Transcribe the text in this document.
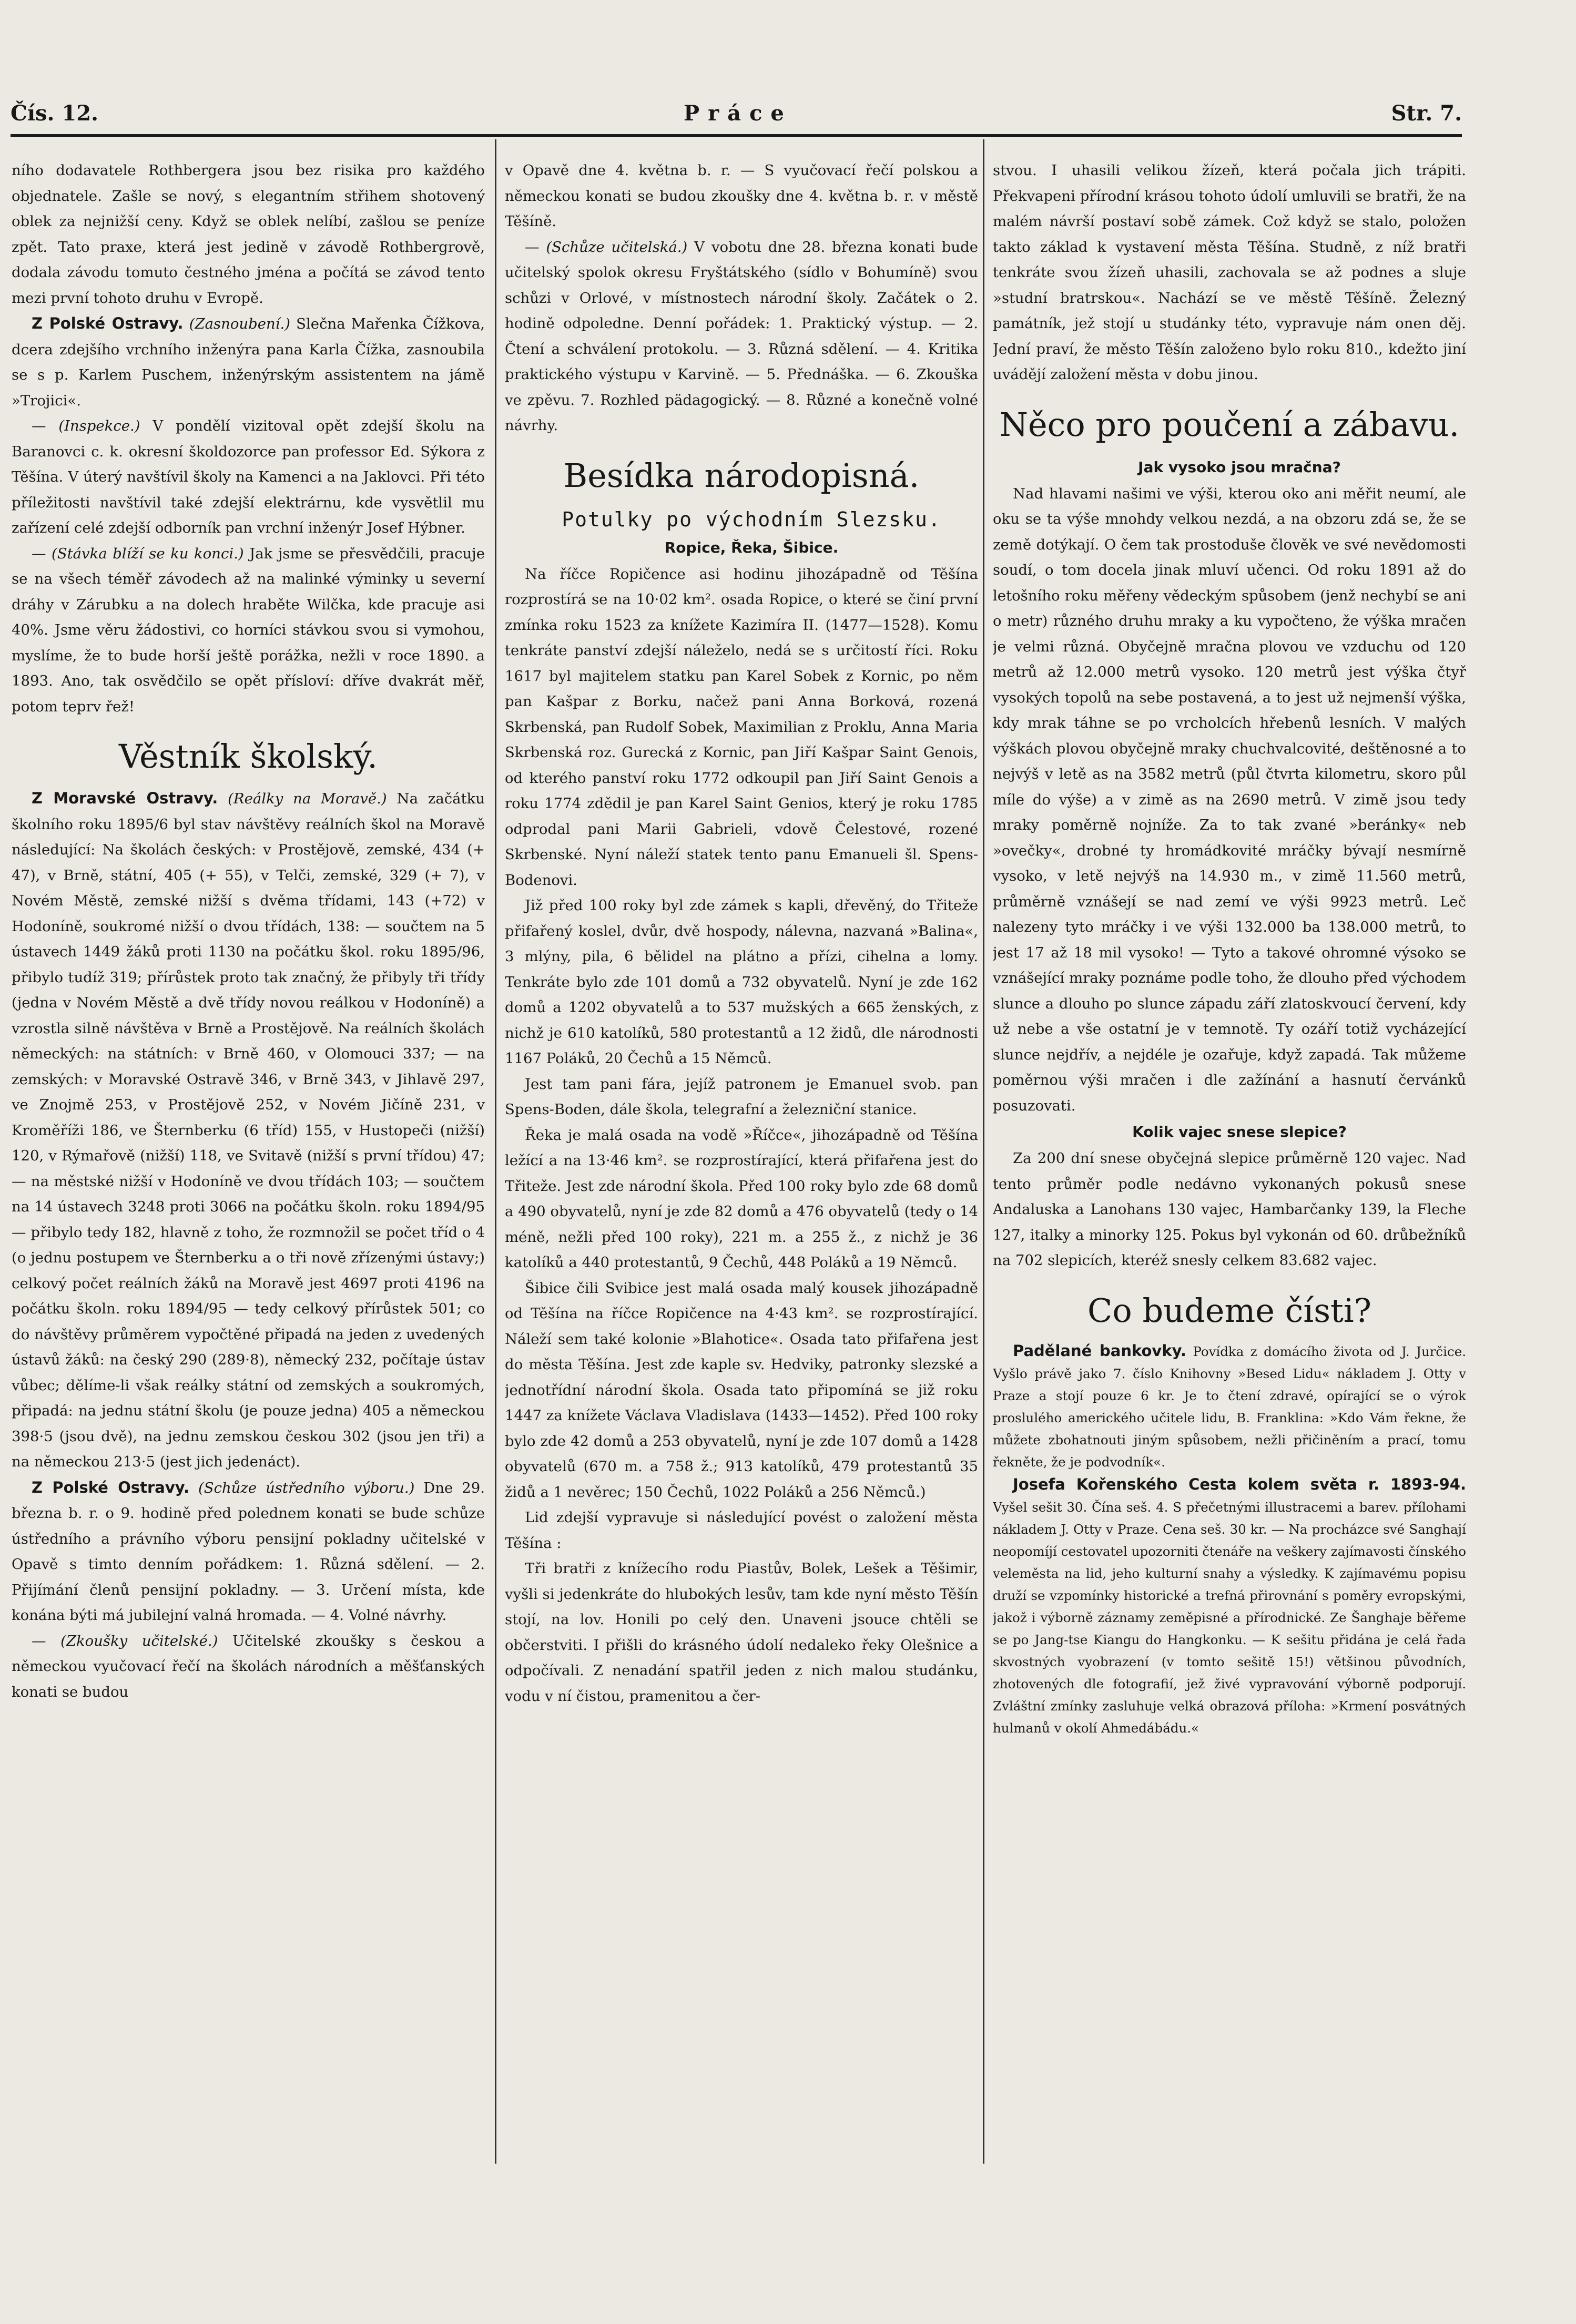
Čís. 12.	Práce	Str. 7.

ního dodavatele Rothbergera jsou bez risika pro každého objednatele. Zašle se nový, s elegantním střihem shotovený oblek za nejnižší ceny. Když se oblek nelíbí, zašlou se peníze zpět. Tato praxe, která jest jedině v závodě Rothbergrově, dodala závodu tomuto čestného jména a počítá se závod tento mezi první tohoto druhu v Evropě.

Z Polské Ostravy. (Zasnoubení.) Slečna Mařenka Čížkova, dcera zdejšího vrchního inženýra pana Karla Čížka, zasnoubila se s p. Karlem Puschem, inženýrským assistentem na jámě »Trojici«.

— (Inspekce.) V pondělí vizitoval opět zdejší školu na Baranovci c. k. okresní školdozorce pan professor Ed. Sýkora z Těšína. V úterý navštívil školy na Kamenci a na Jaklovci. Při této příležitosti navštívil také zdejší elektrárnu, kde vysvětlil mu zařízení celé zdejší odborník pan vrchní inženýr Josef Hýbner.

— (Stávka blíží se ku konci.) Jak jsme se přesvědčili, pracuje se na všech téměř závodech až na malinké výminky u severní dráhy v Zárubku a na dolech hraběte Wilčka, kde pracuje asi 40%. Jsme věru žádostivi, co horníci stávkou svou si vymohou, myslíme, že to bude horší ještě porážka, nežli v roce 1890. a 1893. Ano, tak osvědčilo se opět přísloví: dříve dvakrát měř, potom teprv řež!

Věstník školský.

Z Moravské Ostravy. (Reálky na Moravě.) Na začátku školního roku 1895/6 byl stav návštěvy reálních škol na Moravě následující: Na školách českých: v Prostějově, zemské, 434 (+ 47), v Brně, státní, 405 (+ 55), v Telči, zemské, 329 (+ 7), v Novém Městě, zemské nižší s dvěma třídami, 143 (+72) v Hodoníně, soukromé nižší o dvou třídách, 138: — součtem na 5 ústavech 1449 žáků proti 1130 na počátku škol. roku 1895/96, přibylo tudíž 319; přírůstek proto tak značný, že přibyly tři třídy (jedna v Novém Městě a dvě třídy novou reálkou v Hodoníně) a vzrostla silně návštěva v Brně a Prostějově. Na reálních školách německých: na státních: v Brně 460, v Olomouci 337; — na zemských: v Moravské Ostravě 346, v Brně 343, v Jihlavě 297, ve Znojmě 253, v Prostějově 252, v Novém Jičíně 231, v Kroměříži 186, ve Šternberku (6 tříd) 155, v Hustopeči (nižší) 120, v Rýmařově (nižší) 118, ve Svitavě (nižší s první třídou) 47; — na městské nižší v Hodoníně ve dvou třídách 103; — součtem na 14 ústavech 3248 proti 3066 na počátku školn. roku 1894/95 — přibylo tedy 182, hlavně z toho, že rozmnožil se počet tříd o 4 (o jednu postupem ve Šternberku a o tři nově zřízenými ústavy;) celkový počet reálních žáků na Moravě jest 4697 proti 4196 na počátku školn. roku 1894/95 — tedy celkový přírůstek 501; co do návštěvy průměrem vypočtěné připadá na jeden z uvedených ústavů žáků: na český 290 (289·8), německý 232, počítaje ústav vůbec; dělíme-li však reálky státní od zemských a soukromých, připadá: na jednu státní školu (je pouze jedna) 405 a německou 398·5 (jsou dvě), na jednu zemskou českou 302 (jsou jen tři) a na německou 213·5 (jest jich jedenáct).

Z Polské Ostravy. (Schůze ústředního výboru.) Dne 29. března b. r. o 9. hodině před polednem konati se bude schůze ústředního a právního výboru pensijní pokladny učitelské v Opavě s timto denním pořádkem: 1. Různá sdělení. — 2. Přijímání členů pensijní pokladny. — 3. Určení místa, kde konána býti má jubilejní valná hromada. — 4. Volné návrhy.

— (Zkoušky učitelské.) Učitelské zkoušky s českou a německou vyučovací řečí na školách národních a měšťanských konati se budou

v Opavě dne 4. května b. r. — S vyučovací řečí polskou a německou konati se budou zkoušky dne 4. května b. r. v městě Těšíně.

— (Schůze učitelská.) V vobotu dne 28. března konati bude učitelský spolok okresu Fryštátského (sídlo v Bohumíně) svou schůzi v Orlové, v místnostech národní školy. Začátek o 2. hodině odpoledne. Denní pořádek: 1. Praktický výstup. — 2. Čtení a schválení protokolu. — 3. Různá sdělení. — 4. Kritika praktického výstupu v Karvině. — 5. Přednáška. — 6. Zkouška ve zpěvu. 7. Rozhled pädagogický. — 8. Různé a konečně volné návrhy.

Besídka národopisná.

Potulky po východním Slezsku.

Ropice, Řeka, Šibice.

Na říčce Ropičence asi hodinu jihozápadně od Těšína rozprostírá se na 10·02 km². osada Ropice, o které se činí první zmínka roku 1523 za knížete Kazimíra II. (1477—1528). Komu tenkráte panství zdejší náleželo, nedá se s určitostí říci. Roku 1617 byl majitelem statku pan Karel Sobek z Kornic, po něm pan Kašpar z Borku, načež pani Anna Borková, rozená Skrbenská, pan Rudolf Sobek, Maximilian z Proklu, Anna Maria Skrbenská roz. Gurecká z Kornic, pan Jiří Kašpar Saint Genois, od kterého panství roku 1772 odkoupil pan Jiří Saint Genois a roku 1774 zdědil je pan Karel Saint Genios, který je roku 1785 odprodal pani Marii Gabrieli, vdově Čelestové, rozené Skrbenské. Nyní náleží statek tento panu Emanueli šl. Spens-Bodenovi.

Již před 100 roky byl zde zámek s kapli, dřevěný, do Třiteže přifařený koslel, dvůr, dvě hospody, nálevna, nazvaná »Balina«, 3 mlýny, pila, 6 bělidel na plátno a přízi, cihelna a lomy. Tenkráte bylo zde 101 domů a 732 obyvatelů. Nyní je zde 162 domů a 1202 obyvatelů a to 537 mužských a 665 ženských, z nichž je 610 katolíků, 580 protestantů a 12 židů, dle národnosti 1167 Poláků, 20 Čechů a 15 Němců.

Jest tam pani fára, jejíž patronem je Emanuel svob. pan Spens-Boden, dále škola, telegrafní a železniční stanice.

Řeka je malá osada na vodě »Říčce«, jihozápadně od Těšína ležící a na 13·46 km². se rozprostírající, která přifařena jest do Třiteže. Jest zde národní škola. Před 100 roky bylo zde 68 domů a 490 obyvatelů, nyní je zde 82 domů a 476 obyvatelů (tedy o 14 méně, nežli před 100 roky), 221 m. a 255 ž., z nichž je 36 katolíků a 440 protestantů, 9 Čechů, 448 Poláků a 19 Němců.

Šibice čili Svibice jest malá osada malý kousek jihozápadně od Těšína na říčce Ropičence na 4·43 km². se rozprostírající. Náleží sem také kolonie »Blahotice«. Osada tato přifařena jest do města Těšína. Jest zde kaple sv. Hedviky, patronky slezské a jednotřídní národní škola. Osada tato připomíná se již roku 1447 za knížete Václava Vladislava (1433—1452). Před 100 roky bylo zde 42 domů a 253 obyvatelů, nyní je zde 107 domů a 1428 obyvatelů (670 m. a 758 ž.; 913 katolíků, 479 protestantů 35 židů a 1 nevěrec; 150 Čechů, 1022 Poláků a 256 Němců.)

Lid zdejší vypravuje si následující povést o založení města Těšína :

Tři bratři z knížecího rodu Piastův, Bolek, Lešek a Těšimir, vyšli si jedenkráte do hlubokých lesův, tam kde nyní město Těšín stojí, na lov. Honili po celý den. Unaveni jsouce chtěli se občerstviti. I přišli do krásného údolí nedaleko řeky Olešnice a odpočívali. Z nenadání spatřil jeden z nich malou studánku, vodu v ní čistou, pramenitou a čer-

stvou. I uhasili velikou žízeň, která počala jich trápiti. Překvapeni přírodní krásou tohoto údolí umluvili se bratři, že na malém návrší postaví sobě zámek. Což když se stalo, položen takto základ k vystavení města Těšína. Studně, z níž bratři tenkráte svou žízeň uhasili, zachovala se až podnes a sluje »studní bratrskou«. Nachází se ve městě Těšíně. Železný památník, jež stojí u studánky této, vypravuje nám onen děj. Jední praví, že město Těšín založeno bylo roku 810., kdežto jiní uvádějí založení města v dobu jinou.

Něco pro poučení a zábavu.

Jak vysoko jsou mračna?

Nad hlavami našimi ve výši, kterou oko ani měřit neumí, ale oku se ta výše mnohdy velkou nezdá, a na obzoru zdá se, že se země dotýkají. O čem tak prostoduše člověk ve své nevědomosti soudí, o tom docela jinak mluví učenci. Od roku 1891 až do letošního roku měřeny vědeckým spůsobem (jenž nechybí se ani o metr) různého druhu mraky a ku vypočteno, že výška mračen je velmi různá. Obyčejně mračna plovou ve vzduchu od 120 metrů až 12.000 metrů vysoko. 120 metrů jest výška čtyř vysokých topolů na sebe postavená, a to jest už nejmenší výška, kdy mrak táhne se po vrcholcích hřebenů lesních. V malých výškách plovou obyčejně mraky chuchvalcovité, deštěnosné a to nejvýš v letě as na 3582 metrů (půl čtvrta kilometru, skoro půl míle do výše) a v zimě as na 2690 metrů. V zimě jsou tedy mraky poměrně nojníže. Za to tak zvané »beránky« neb »ovečky«, drobné ty hromádkovité mráčky bývají nesmírně vysoko, v letě nejvýš na 14.930 m., v zimě 11.560 metrů, průměrně vznášejí se nad zemí ve výši 9923 metrů. Leč nalezeny tyto mráčky i ve výši 132.000 ba 138.000 metrů, to jest 17 až 18 mil vysoko! — Tyto a takové ohromné výsoko se vznášející mraky poznáme podle toho, že dlouho před východem slunce a dlouho po slunce západu září zlatoskvoucí červení, kdy už nebe a vše ostatní je v temnotě. Ty ozáří totiž vycházející slunce nejdřív, a nejdéle je ozařuje, když zapadá. Tak můžeme poměrnou výši mračen i dle zažínání a hasnutí červánků posuzovati.

Kolik vajec snese slepice?

Za 200 dní snese obyčejná slepice průměrně 120 vajec. Nad tento průměr podle nedávno vykonaných pokusů snese Andaluska a Lanohans 130 vajec, Hambarčanky 139, la Fleche 127, italky a minorky 125. Pokus byl vykonán od 60. drůbežníků na 702 slepicích, kteréž snesly celkem 83.682 vajec.

Co budeme čísti?

Padělané bankovky. Povídka z domácího života od J. Jurčice. Vyšlo právě jako 7. číslo Knihovny »Besed Lidu« nákladem J. Otty v Praze a stojí pouze 6 kr. Je to čtení zdravé, opírající se o výrok proslulého amerického učitele lidu, B. Franklina: »Kdo Vám řekne, že můžete zbohatnouti jiným spůsobem, nežli přičiněním a prací, tomu řekněte, že je podvodník«.

Josefa Kořenského Cesta kolem světa r. 1893-94. Vyšel sešit 30. Čína seš. 4. S přečetnými illustracemi a barev. přílohami nákladem J. Otty v Praze. Cena seš. 30 kr. — Na procházce své Sanghají neopomíjí cestovatel upozorniti čtenáře na veškery zajímavosti čínského veleměsta na lid, jeho kulturní snahy a výsledky. K zajímavému popisu druží se vzpomínky historické a trefná přirovnání s poměry evropskými, jakož i výborně záznamy zeměpisné a přírodnické. Ze Šanghaje běřeme se po Jang-tse Kiangu do Hangkonku. — K sešitu přidána je celá řada skvostných vyobrazení (v tomto sešitě 15!) většinou původních, zhotovených dle fotografií, jež živé vypravování výborně podporují. Zvláštní zmínky zasluhuje velká obrazová příloha: »Krmení posvátných hulmanů v okolí Ahmedábádu.«
